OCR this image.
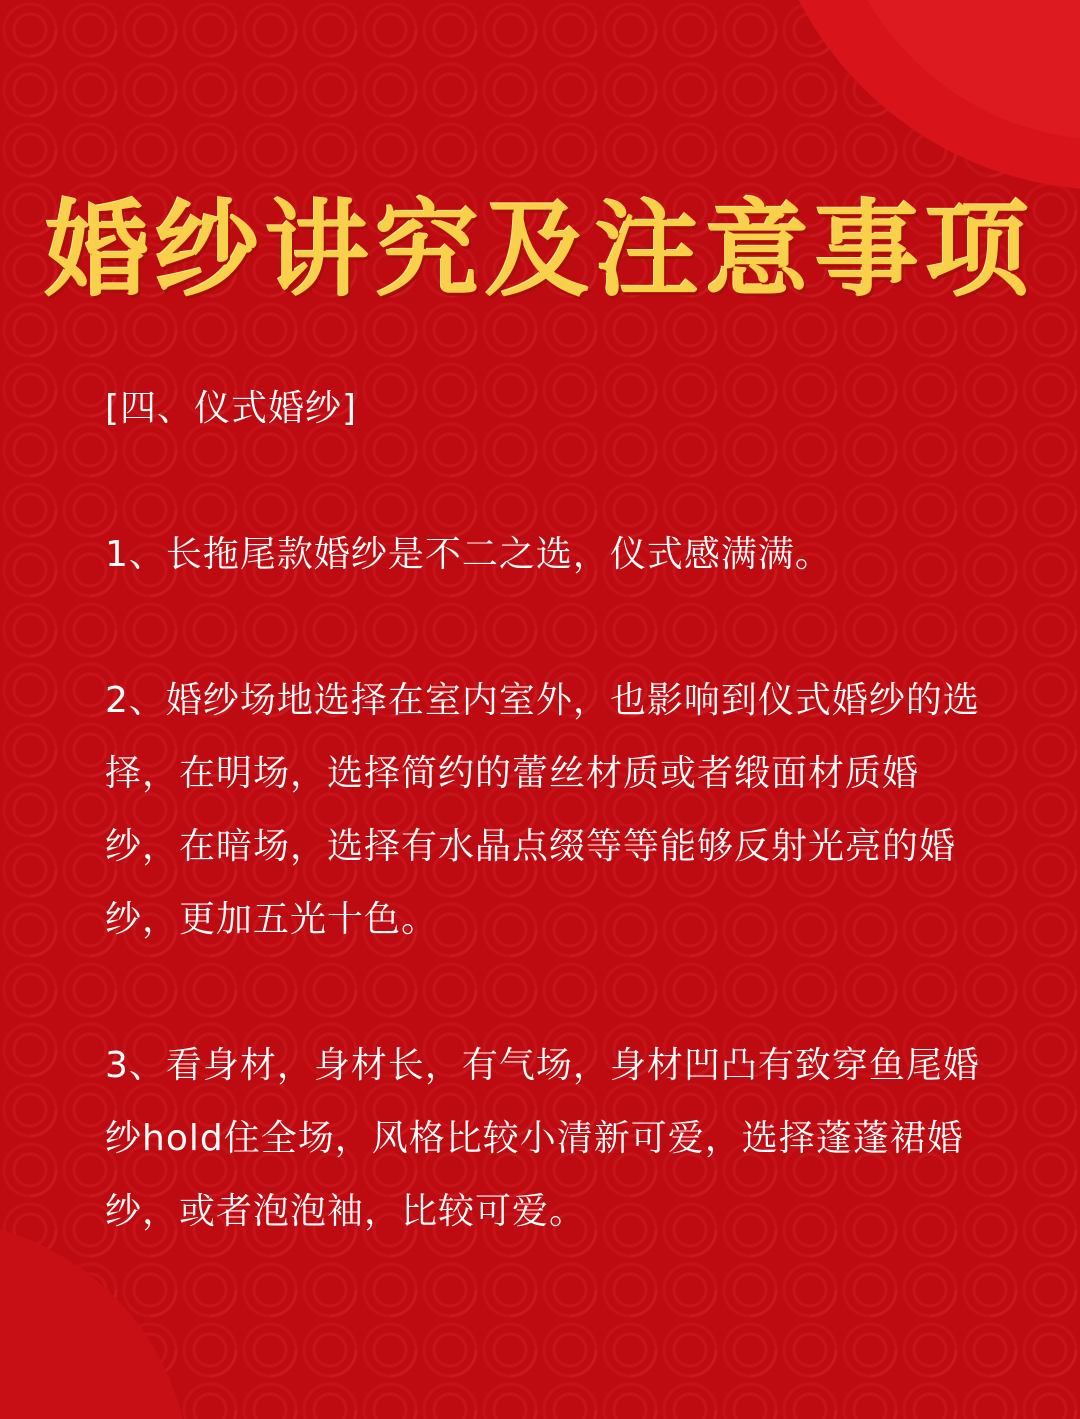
婚纱讲究及注意事项

[四、仪式婚纱]

1、长拖尾款婚纱是不二之选，仪式感满满。

2、婚纱场地选择在室内室外，也影响到仪式婚纱的选择，在明场，选择简约的蕾丝材质或者缎面材质婚纱，在暗场，选择有水晶点缀等等能够反射光亮的婚纱，更加五光十色。

3、看身材，身材长，有气场，身材凹凸有致穿鱼尾婚纱hold住全场，风格比较小清新可爱，选择蓬蓬裙婚纱，或者泡泡袖，比较可爱。
